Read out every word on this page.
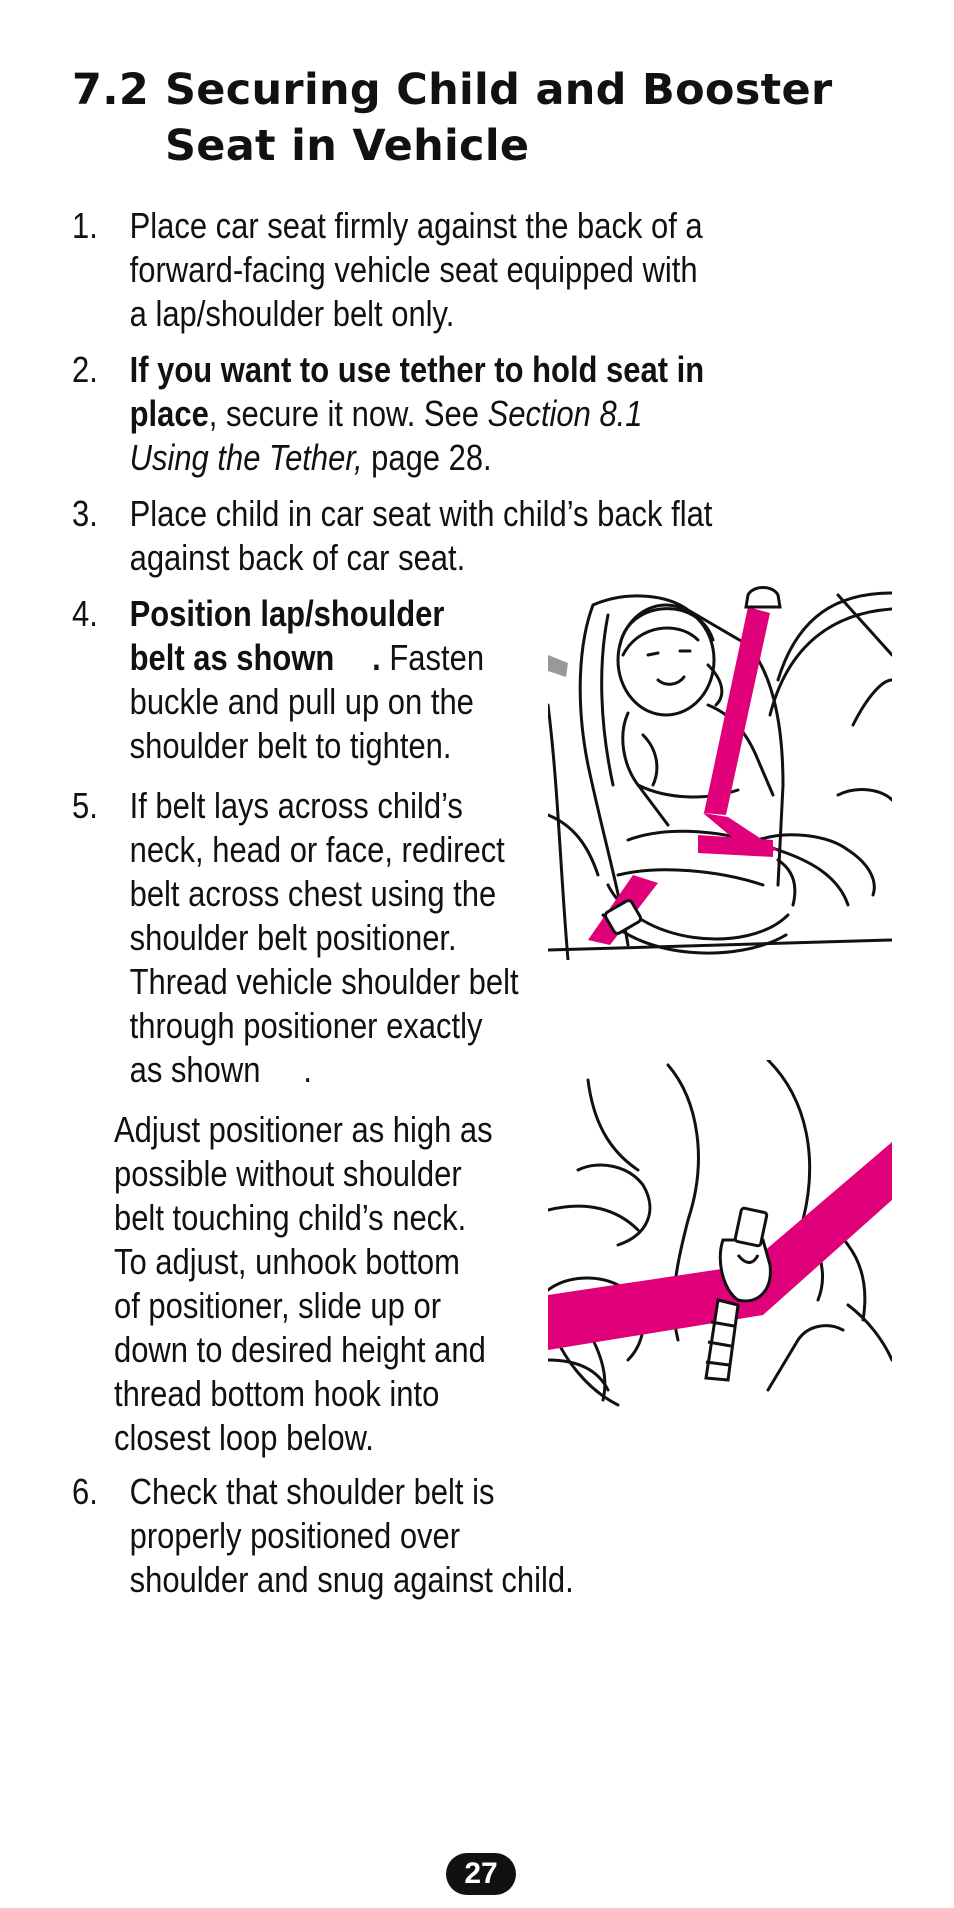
7.2 Securing Child and Booster
Seat in Vehicle
1. Place car seat firmly against the back of a
forward-facing vehicle seat equipped with
a lap/shoulder belt only.
2. If you want to use tether to hold seat in
place, secure it now. See Section 8.1
Using the Tether, page 28.
3. Place child in car seat with child’s back flat
against back of car seat.
4. Position lap/shoulder
belt as shown . Fasten
buckle and pull up on the
shoulder belt to tighten.
5. If belt lays across child’s
neck, head or face, redirect
belt across chest using the
shoulder belt positioner.
Thread vehicle shoulder belt
through positioner exactly
as shown     .
Adjust positioner as high as
possible without shoulder
belt touching child’s neck.
To adjust, unhook bottom
of positioner, slide up or
down to desired height and
thread bottom hook into
closest loop below.
6. Check that shoulder belt is
properly positioned over
shoulder and snug against child.
27
